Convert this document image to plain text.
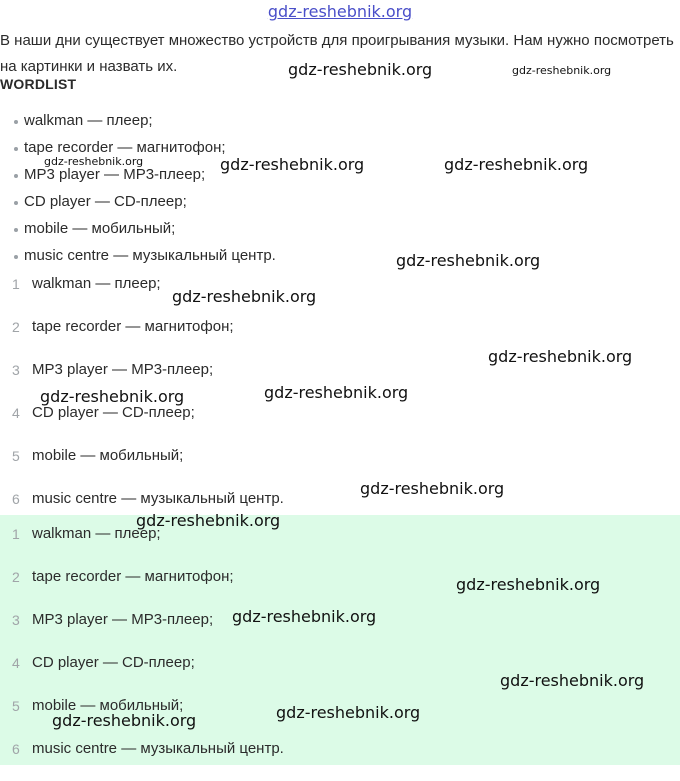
gdz-reshebnik.org

В наши дни существует множество устройств для проигрывания музыки. Нам нужно посмотреть на картинки и назвать их.

WORDLIST
walkman — плеер;
tape recorder — магнитофон;
MP3 player — MP3-плеер;
CD player — CD-плеер;
mobile — мобильный;
music centre — музыкальный центр.
1 walkman — плеер;
2 tape recorder — магнитофон;
3 MP3 player — MP3-плеер;
4 CD player — CD-плеер;
5 mobile — мобильный;
6 music centre — музыкальный центр.
1 walkman — плеер;
2 tape recorder — магнитофон;
3 MP3 player — MP3-плеер;
4 CD player — CD-плеер;
5 mobile — мобильный;
6 music centre — музыкальный центр.
gdz-reshebnik.org	gdz-reshebnik.org
gdz-reshebnik.org	gdz-reshebnik.org	gdz-reshebnik.org
gdz-reshebnik.org
gdz-reshebnik.org
gdz-reshebnik.org
gdz-reshebnik.org
gdz-reshebnik.org
gdz-reshebnik.org
gdz-reshebnik.org
gdz-reshebnik.org
gdz-reshebnik.org
gdz-reshebnik.org
gdz-reshebnik.org
gdz-reshebnik.org
